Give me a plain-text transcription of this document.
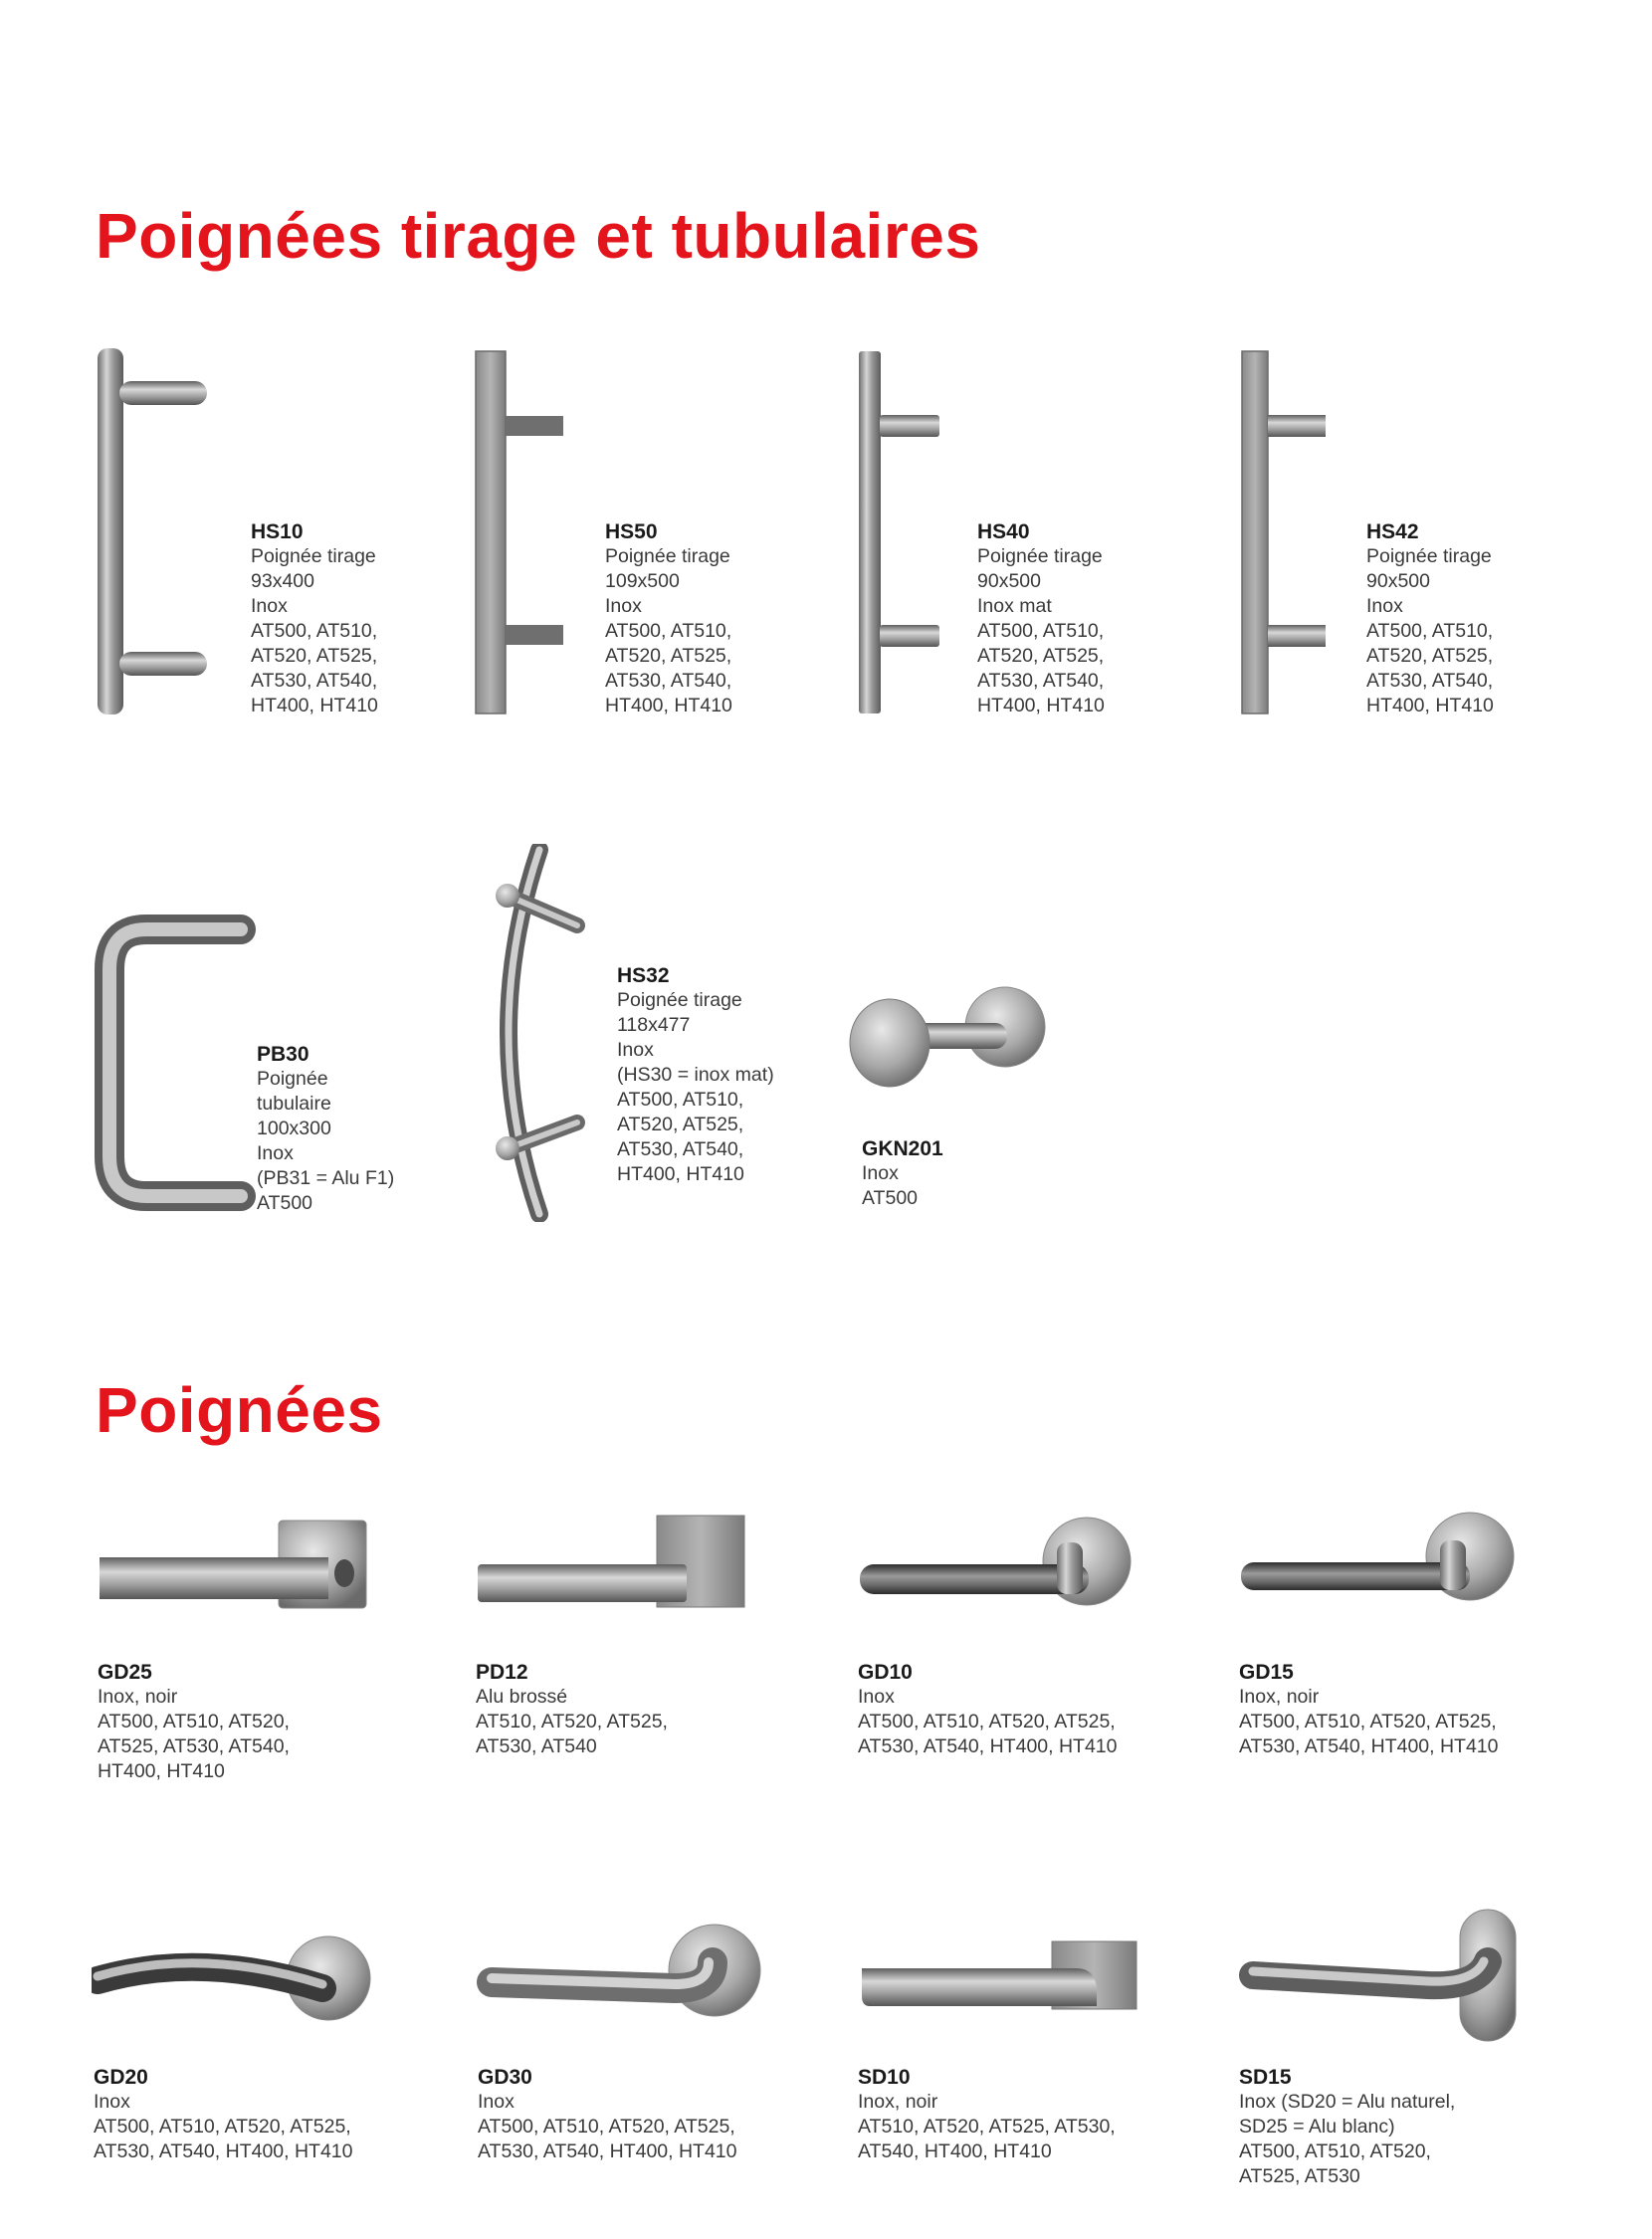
Poignées tirage et tubulaires
HS10
Poignée tirage
93x400
Inox
AT500, AT510,
AT520, AT525,
AT530, AT540,
HT400, HT410
HS50
Poignée tirage
109x500
Inox
AT500, AT510,
AT520, AT525,
AT530, AT540,
HT400, HT410
HS40
Poignée tirage
90x500
Inox mat
AT500, AT510,
AT520, AT525,
AT530, AT540,
HT400, HT410
HS42
Poignée tirage
90x500
Inox
AT500, AT510,
AT520, AT525,
AT530, AT540,
HT400, HT410
PB30
Poignée
tubulaire
100x300
Inox
(PB31 = Alu F1)
AT500
HS32
Poignée tirage
118x477
Inox
(HS30 = inox mat)
AT500, AT510,
AT520, AT525,
AT530, AT540,
HT400, HT410
GKN201
Inox
AT500
Poignées
GD25
Inox, noir
AT500, AT510, AT520,
AT525, AT530, AT540,
HT400, HT410
PD12
Alu brossé
AT510, AT520, AT525,
AT530, AT540
GD10
Inox
AT500, AT510, AT520, AT525,
AT530, AT540, HT400, HT410
GD15
Inox, noir
AT500, AT510, AT520, AT525,
AT530, AT540, HT400, HT410
GD20
Inox
AT500, AT510, AT520, AT525,
AT530, AT540, HT400, HT410
GD30
Inox
AT500, AT510, AT520, AT525,
AT530, AT540, HT400, HT410
SD10
Inox, noir
AT510, AT520, AT525, AT530,
AT540, HT400, HT410
SD15
Inox (SD20 = Alu naturel,
SD25 = Alu blanc)
AT500, AT510, AT520,
AT525, AT530
